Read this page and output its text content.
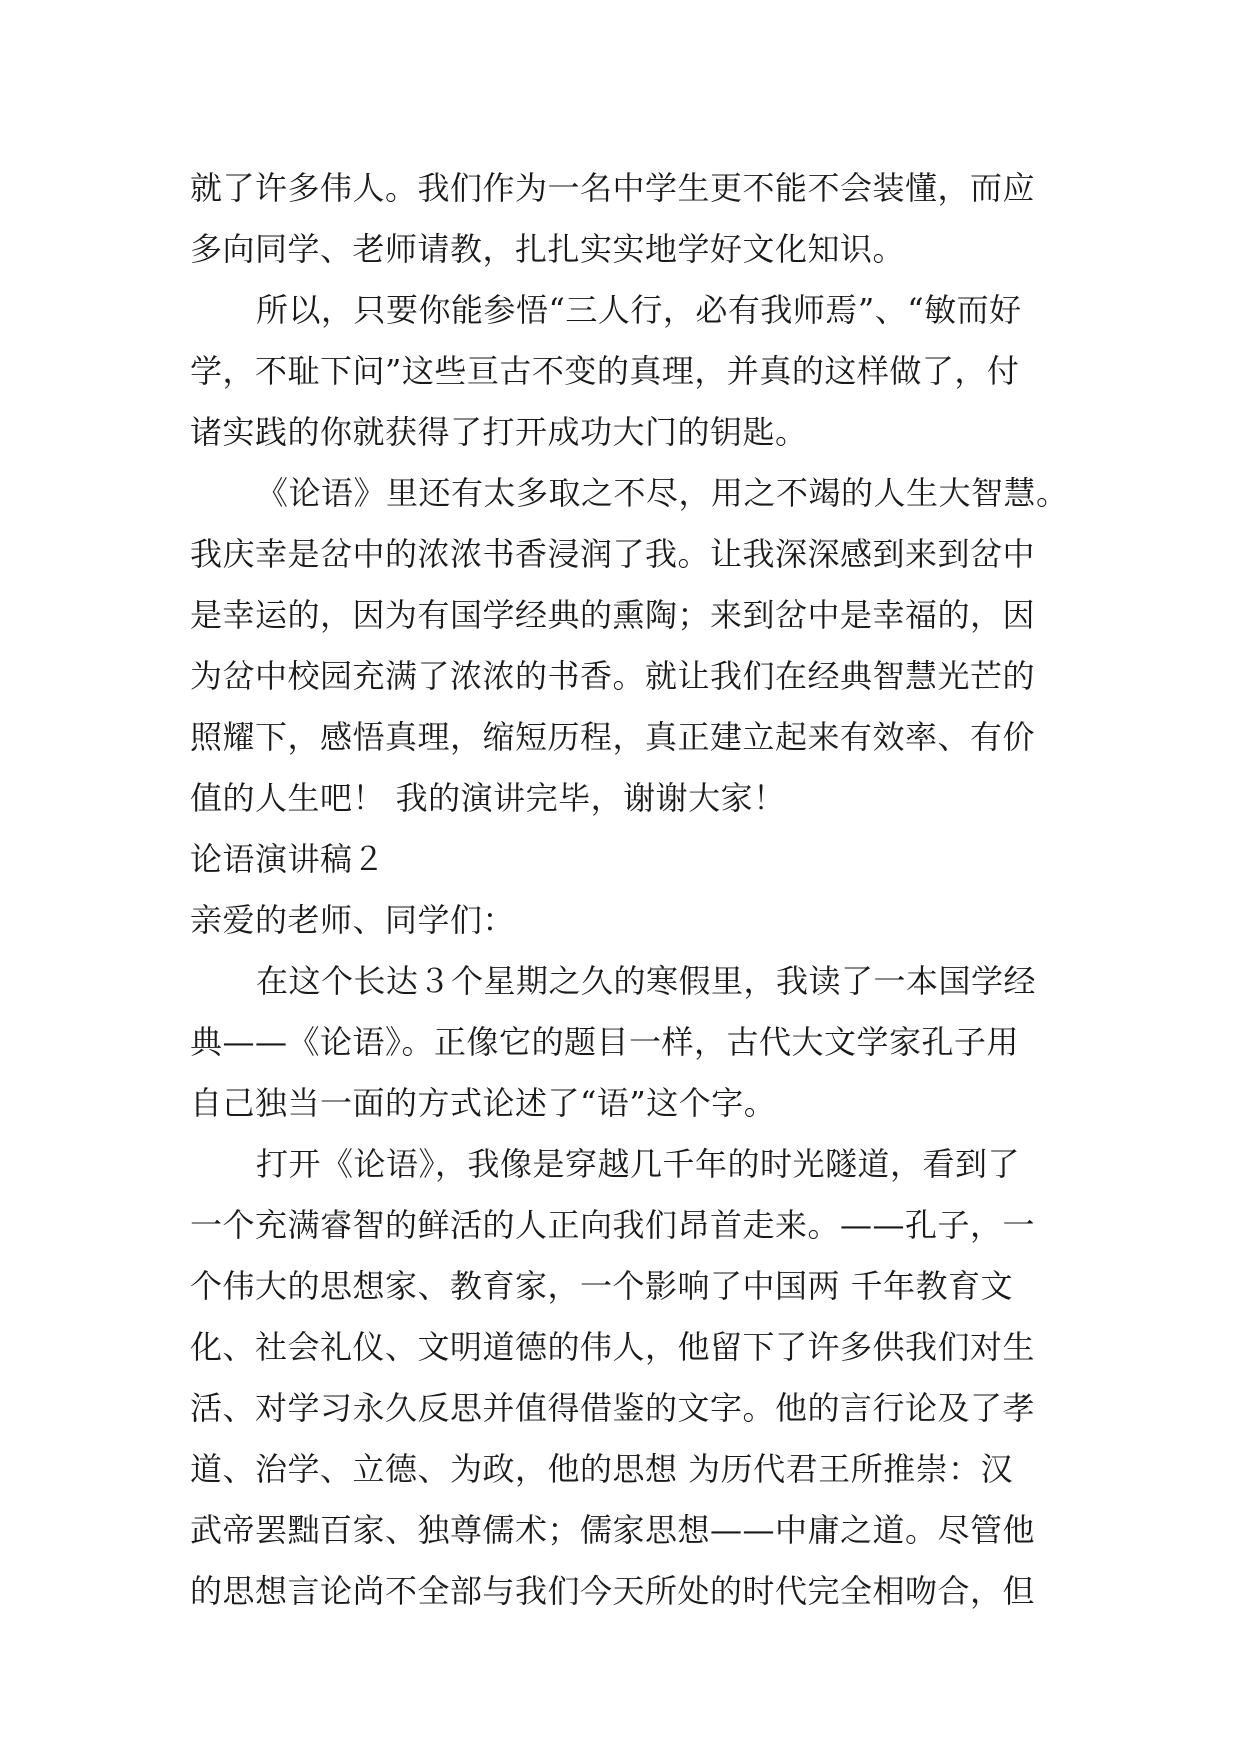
就了许多伟人。我们作为一名中学生更不能不会装懂，而应
多向同学、老师请教，扎扎实实地学好文化知识。
所以，只要你能参悟“三人行，必有我师焉”、“敏而好
学，不耻下问”这些亘古不变的真理，并真的这样做了，付
诸实践的你就获得了打开成功大门的钥匙。
《论语》里还有太多取之不尽，用之不竭的人生大智慧。
我庆幸是岔中的浓浓书香浸润了我。让我深深感到来到岔中
是幸运的，因为有国学经典的熏陶；来到岔中是幸福的，因
为岔中校园充满了浓浓的书香。就让我们在经典智慧光芒的
照耀下，感悟真理，缩短历程，真正建立起来有效率、有价
值的人生吧！ 我的演讲完毕，谢谢大家！
论语演讲稿２
亲爱的老师、同学们：
在这个长达３个星期之久的寒假里，我读了一本国学经
典——《论语》。正像它的题目一样，古代大文学家孔子用
自己独当一面的方式论述了“语”这个字。
打开《论语》，我像是穿越几千年的时光隧道，看到了
一个充满睿智的鲜活的人正向我们昂首走来。——孔子，一
个伟大的思想家、教育家，一个影响了中国两 千年教育文
化、社会礼仪、文明道德的伟人，他留下了许多供我们对生
活、对学习永久反思并值得借鉴的文字。他的言行论及了孝
道、治学、立德、为政，他的思想 为历代君王所推崇：汉
武帝罢黜百家、独尊儒术；儒家思想——中庸之道。尽管他
的思想言论尚不全部与我们今天所处的时代完全相吻合，但
